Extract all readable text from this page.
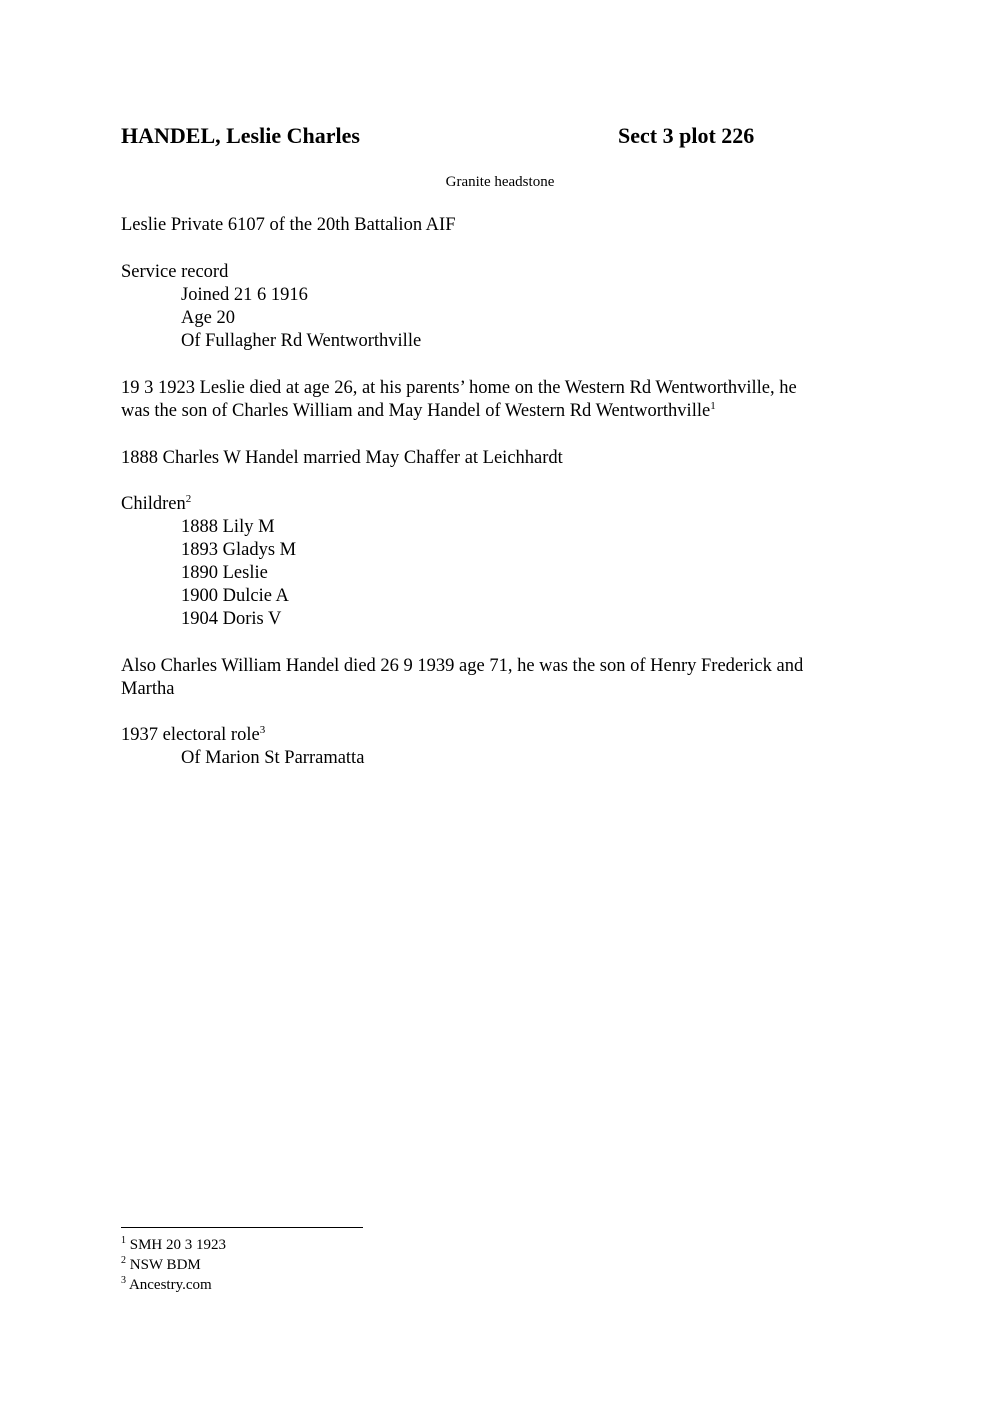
HANDEL, Leslie Charles	Sect 3 plot 226
Granite headstone

Leslie Private 6107 of the 20th Battalion AIF

Service record

Joined 21 6 1916

Age 20

Of Fullagher Rd Wentworthville

19 3 1923 Leslie died at age 26, at his parents’ home on the Western Rd Wentworthville, he

was the son of Charles William and May Handel of Western Rd Wentworthville$^1$

1888 Charles W Handel married May Chaffer at Leichhardt

Children$^2$

1888 Lily M

1893 Gladys M

1890 Leslie

1900 Dulcie A

1904 Doris V

Also Charles William Handel died 26 9 1939 age 71, he was the son of Henry Frederick and

Martha

1937 electoral role$^3$

Of Marion St Parramatta

$^1$ SMH 20 3 1923

$^2$ NSW BDM

$^3$ Ancestry.com
